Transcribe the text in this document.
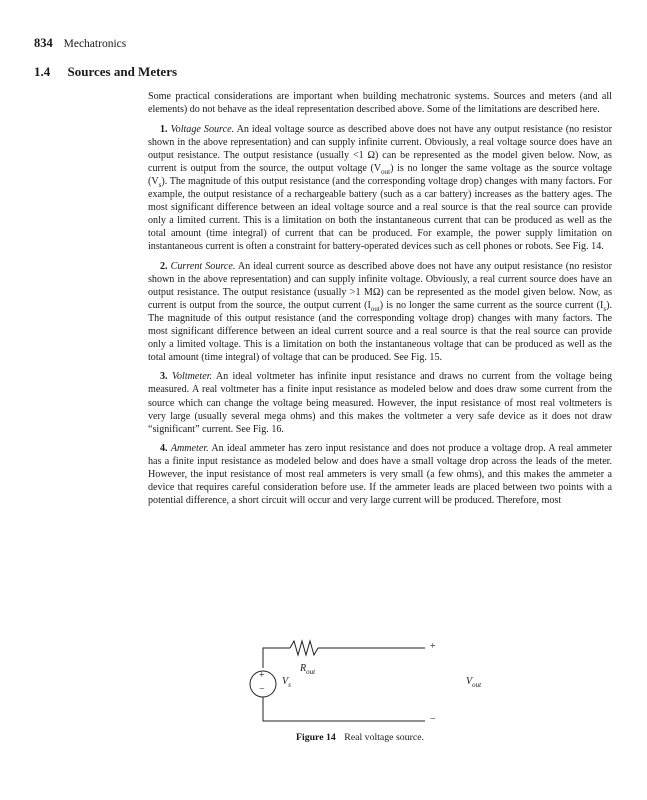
834 Mechatronics
1.4 Sources and Meters

Some practical considerations are important when building mechatronic systems. Sources and meters (and all elements) do not behave as the ideal representation described above. Some of the limitations are described here.

1. Voltage Source. An ideal voltage source as described above does not have any output resistance (no resistor shown in the above representation) and can supply infinite current. Obviously, a real voltage source does have an output resistance. The output resistance (usually <1 Ω) can be represented as the model given below. Now, as current is output from the source, the output voltage $(V_{out})$ is no longer the same voltage as the source voltage $(V_s)$. The magnitude of this output resistance (and the corresponding voltage drop) changes with many factors. For example, the output resistance of a rechargeable battery (such as a car battery) increases as the battery ages. The most significant difference between an ideal voltage source and a real source is that the real source can provide only a limited current. This is a limitation on both the instantaneous current that can be produced as well as the total amount (time integral) of current that can be produced. For example, the power supply limitation on instantaneous current is often a constraint for battery-operated devices such as cell phones or robots. See Fig. 14.

2. Current Source. An ideal current source as described above does not have any output resistance (no resistor shown in the above representation) and can supply infinite voltage. Obviously, a real current source does have an output resistance. The output resistance (usually >1 MΩ) can be represented as the model given below. Now, as current is output from the source, the output current $(I_{out})$ is no longer the same current as the source current $(I_s)$. The magnitude of this output resistance (and the corresponding voltage drop) changes with many factors. The most significant difference between an ideal current source and a real source is that the real source can provide only a limited voltage. This is a limitation on both the instantaneous voltage that can be produced as well as the total amount (time integral) of voltage that can be produced. See Fig. 15.

3. Voltmeter. An ideal voltmeter has infinite input resistance and draws no current from the voltage being measured. A real voltmeter has a finite input resistance as modeled below and does draw some current from the source which can change the voltage being measured. However, the input resistance of most real voltmeters is very large (usually several mega ohms) and this makes the voltmeter a very safe device as it does not draw “significant” current. See Fig. 16.

4. Ammeter. An ideal ammeter has zero input resistance and does not produce a voltage drop. A real ammeter has a finite input resistance as modeled below and does have a small voltage drop across the leads of the meter. However, the input resistance of most real ammeters is very small (a few ohms), and this makes the ammeter a device that requires careful consideration before use. If the ammeter leads are placed between two points with a potential difference, a short circuit will occur and very large current will be produced. Therefore, most

+
−
$V_s$
$R_{out}$
+
$V_{out}$
−
Figure 14 Real voltage source.
